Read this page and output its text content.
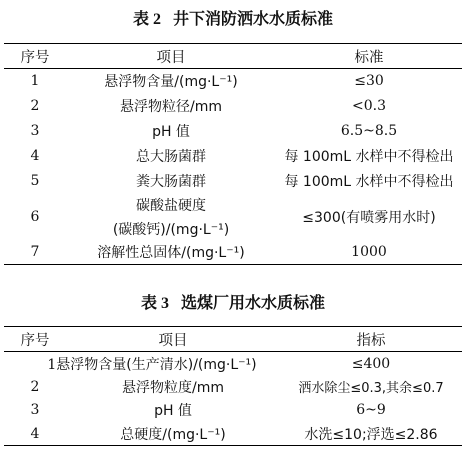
表 2 井下消防洒水水质标准
序号	项目	标准
1	悬浮物含量/(mg·L⁻¹)	≤30
2	悬浮物粒径/mm	<0.3
3	pH 值	6.5~8.5
4	总大肠菌群	每 100mL 水样中不得检出
5	粪大肠菌群	每 100mL 水样中不得检出
6	碳酸盐硬度
(碳酸钙)/(mg·L⁻¹)	≤300(有喷雾用水时)
7	溶解性总固体/(mg·L⁻¹)	1000
表 3 选煤厂用水水质标准
序号	项目	指标
1悬浮物含量(生产清水)/(mg·L⁻¹)		≤400
2	悬浮物粒度/mm	洒水除尘≤0.3,其余≤0.7
3	pH 值	6~9
4	总硬度/(mg·L⁻¹)	水洗≤10;浮选≤2.86
